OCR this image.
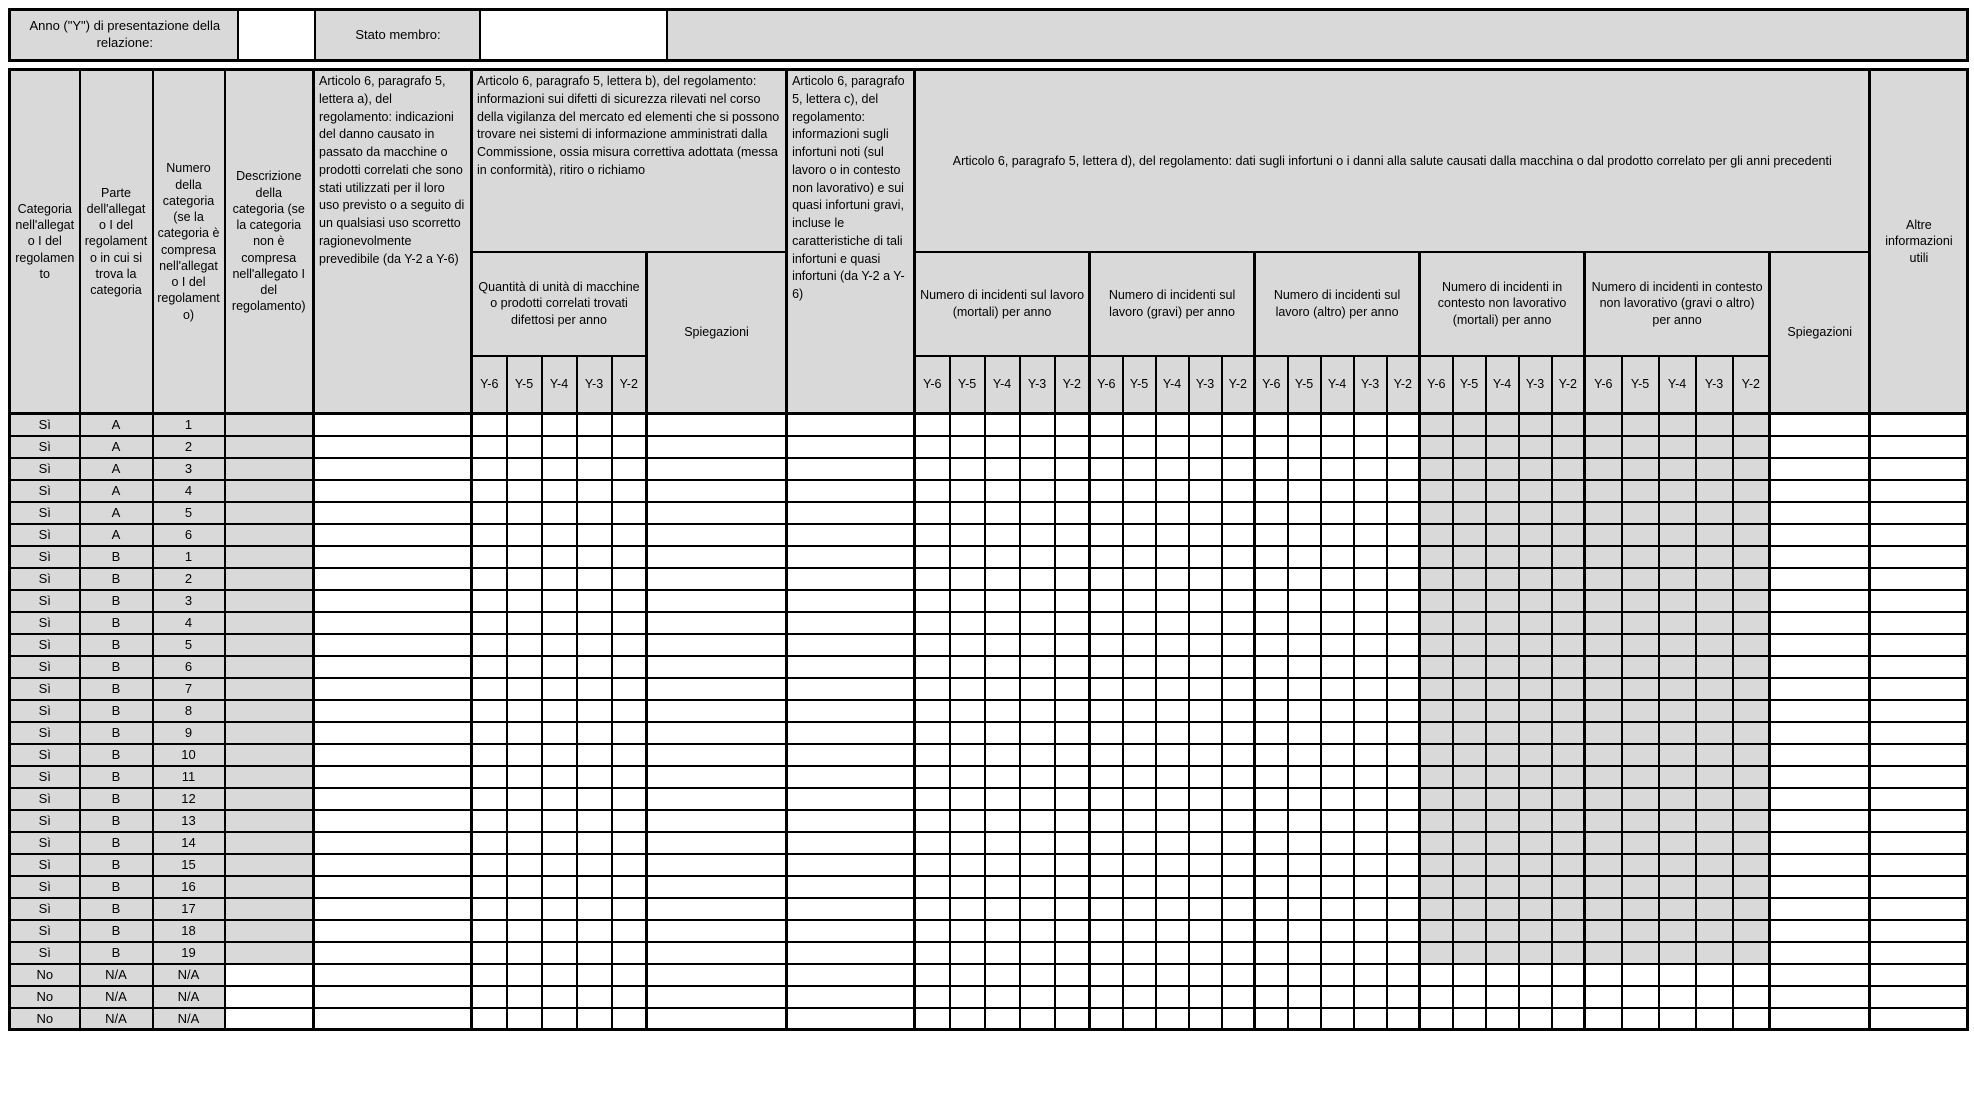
Anno ("Y") di presentazione della relazione:		Stato membro:		
Categoria nell'allegato I del regolamento	Parte dell'allegato I del regolamento in cui si trova la categoria	Numero della categoria (se la categoria è compresa nell'allegato I del regolamento)	Descrizione della categoria (se la categoria non è compresa nell'allegato I del regolamento)	Articolo 6, paragrafo 5, lettera a), del regolamento: indicazioni del danno causato in passato da macchine o prodotti correlati che sono stati utilizzati per il loro uso previsto o a seguito di un qualsiasi uso scorretto ragionevolmente prevedibile (da Y-2 a Y-6)	Articolo 6, paragrafo 5, lettera b), del regolamento: informazioni sui difetti di sicurezza rilevati nel corso della vigilanza del mercato ed elementi che si possono trovare nei sistemi di informazione amministrati dalla Commissione, ossia misura correttiva adottata (messa in conformità), ritiro o richiamo	Articolo 6, paragrafo 5, lettera c), del regolamento: informazioni sugli infortuni noti (sul lavoro o in contesto non lavorativo) e sui quasi infortuni gravi, incluse le caratteristiche di tali infortuni e quasi infortuni (da Y-2 a Y-6)	Articolo 6, paragrafo 5, lettera d), del regolamento: dati sugli infortuni o i danni alla salute causati dalla macchina o dal prodotto correlato per gli anni precedenti	Altre informazioni utili
					Quantità di unità di macchine o prodotti correlati trovati difettosi per anno					Spiegazioni		Numero di incidenti sul lavoro (mortali) per anno					Numero di incidenti sul lavoro (gravi) per anno					Numero di incidenti sul lavoro (altro) per anno					Numero di incidenti in contesto non lavorativo (mortali) per anno					Numero di incidenti in contesto non lavorativo (gravi o altro) per anno					Spiegazioni	
					Y-6	Y-5	Y-4	Y-3	Y-2			Y-6	Y-5	Y-4	Y-3	Y-2	Y-6	Y-5	Y-4	Y-3	Y-2	Y-6	Y-5	Y-4	Y-3	Y-2	Y-6	Y-5	Y-4	Y-3	Y-2	Y-6	Y-5	Y-4	Y-3	Y-2		
Sì	A	1																																				
Sì	A	2																																				
Sì	A	3																																				
Sì	A	4																																				
Sì	A	5																																				
Sì	A	6																																				
Sì	B	1																																				
Sì	B	2																																				
Sì	B	3																																				
Sì	B	4																																				
Sì	B	5																																				
Sì	B	6																																				
Sì	B	7																																				
Sì	B	8																																				
Sì	B	9																																				
Sì	B	10																																				
Sì	B	11																																				
Sì	B	12																																				
Sì	B	13																																				
Sì	B	14																																				
Sì	B	15																																				
Sì	B	16																																				
Sì	B	17																																				
Sì	B	18																																				
Sì	B	19																																				
No	N/A	N/A																																				
No	N/A	N/A																																				
No	N/A	N/A																																				
